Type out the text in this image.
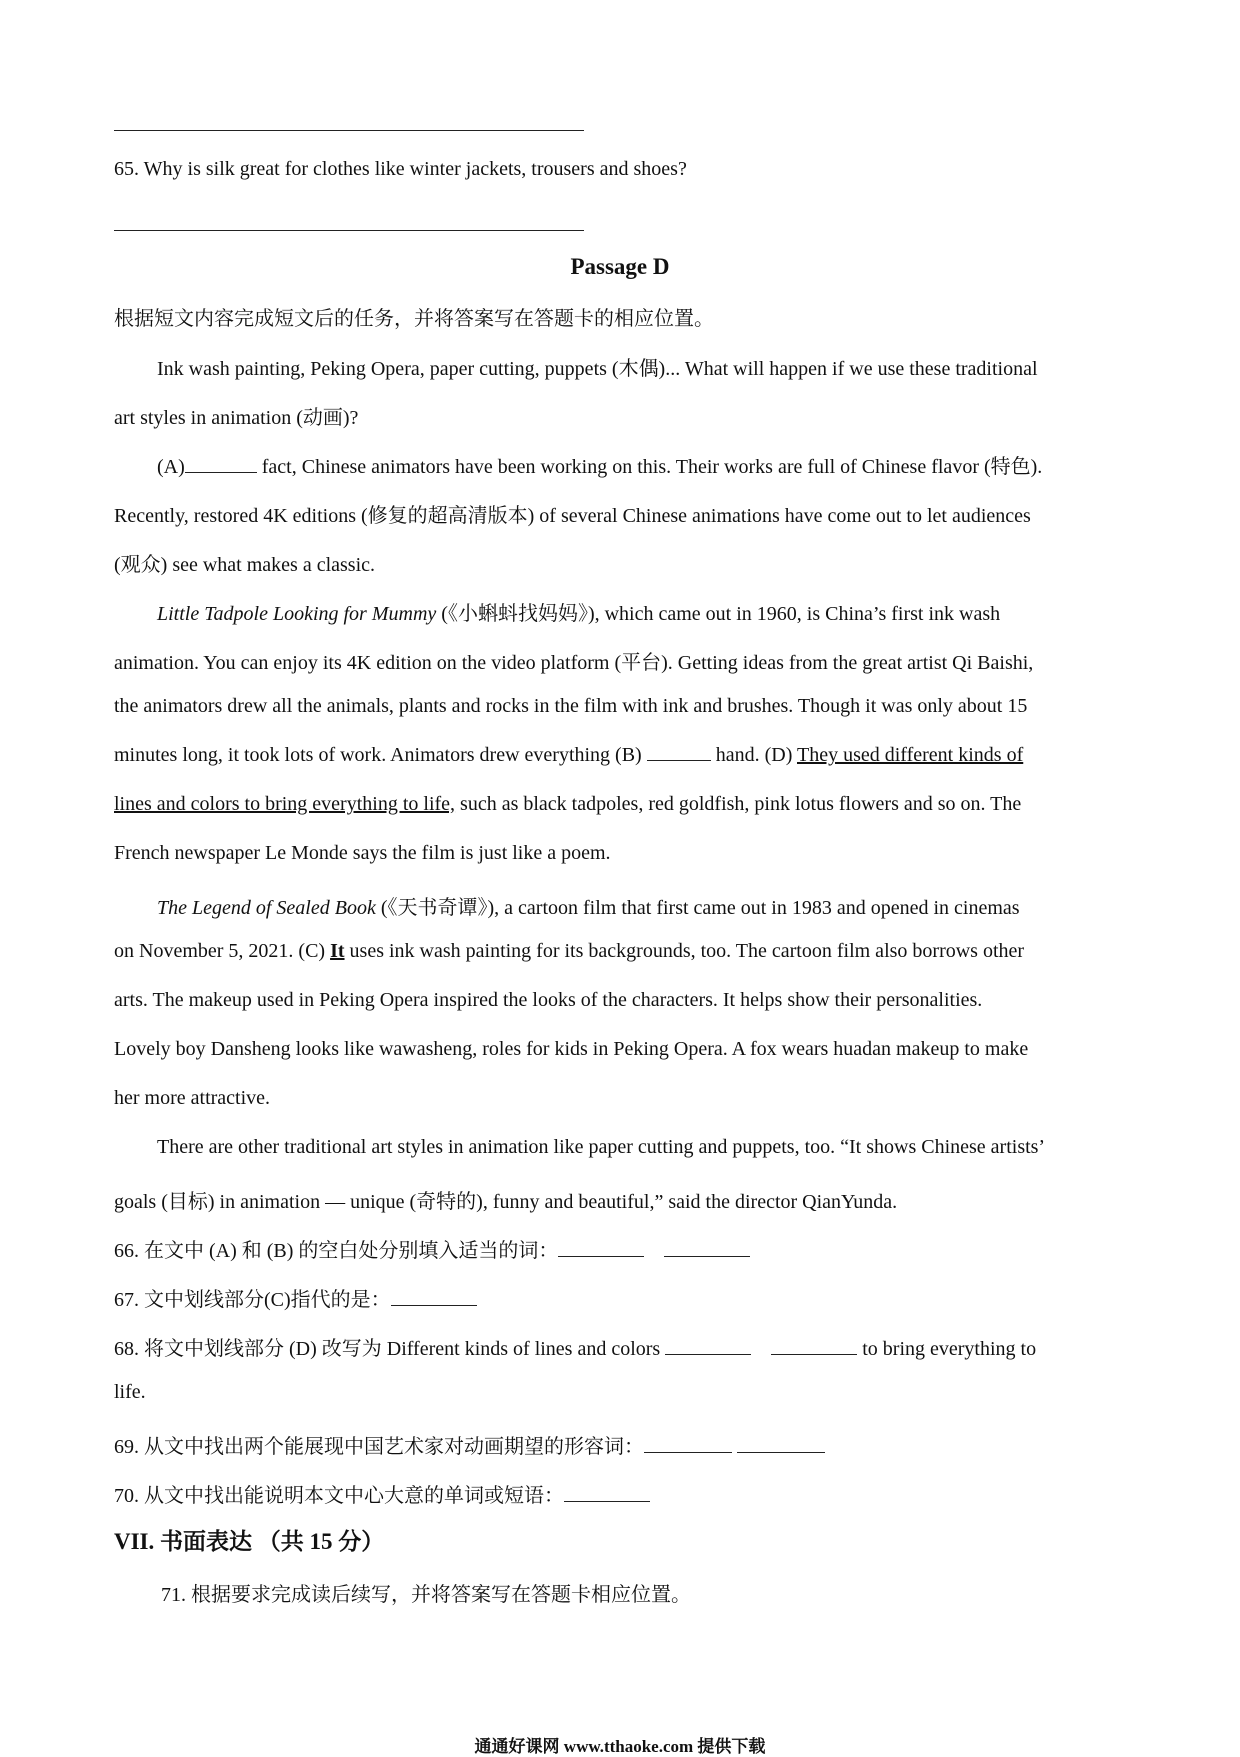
65. Why is silk great for clothes like winter jackets, trousers and shoes?
Passage D
根据短文内容完成短文后的任务，并将答案写在答题卡的相应位置。
Ink wash painting, Peking Opera, paper cutting, puppets (木偶)... What will happen if we use these traditional
art styles in animation (动画)?
(A)	fact, Chinese animators have been working on this. Their works are full of Chinese flavor (特色).
Recently, restored 4K editions (修复的超高清版本) of several Chinese animations have come out to let audiences
(观众) see what makes a classic.
Little Tadpole Looking for Mummy (《小蝌蚪找妈妈》), which came out in 1960, is China’s first ink wash
animation. You can enjoy its 4K edition on the video platform (平台). Getting ideas from the great artist Qi Baishi,
the animators drew all the animals, plants and rocks in the film with ink and brushes. Though it was only about 15
minutes long, it took lots of work. Animators drew everything (B)	hand. (D) They used different kinds of
lines and colors to bring everything to life, such as black tadpoles, red goldfish, pink lotus flowers and so on. The
French newspaper Le Monde says the film is just like a poem.
The Legend of Sealed Book (《天书奇谭》), a cartoon film that first came out in 1983 and opened in cinemas
on November 5, 2021. (C) It uses ink wash painting for its backgrounds, too. The cartoon film also borrows other
arts. The makeup used in Peking Opera inspired the looks of the characters. It helps show their personalities.
Lovely boy Dansheng looks like wawasheng, roles for kids in Peking Opera. A fox wears huadan makeup to make
her more attractive.
There are other traditional art styles in animation like paper cutting and puppets, too. “It shows Chinese artists’
goals (目标) in animation — unique (奇特的), funny and beautiful,” said the director QianYunda.
66. 在文中 (A) 和 (B) 的空白处分别填入适当的词：
67. 文中划线部分(C)指代的是：
68. 将文中划线部分 (D) 改写为 Different kinds of lines and colors	to bring everything to
life.
69. 从文中找出两个能展现中国艺术家对动画期望的形容词：
70. 从文中找出能说明本文中心大意的单词或短语：
VII. 书面表达 （共 15 分）
71. 根据要求完成读后续写，并将答案写在答题卡相应位置。
通通好课网 www.tthaoke.com 提供下载
